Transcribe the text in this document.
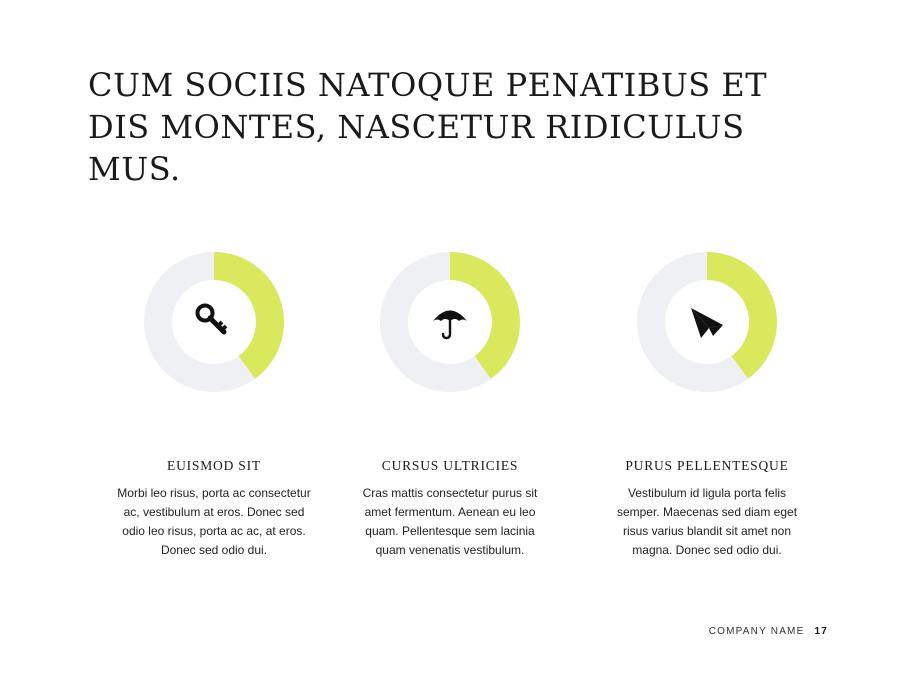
CUM SOCIIS NATOQUE PENATIBUS ET DIS MONTES, NASCETUR RIDICULUS MUS.
EUISMOD SIT
Morbi leo risus, porta ac consectetur ac, vestibulum at eros. Donec sed odio leo risus, porta ac ac, at eros. Donec sed odio dui.
CURSUS ULTRICIES
Cras mattis consectetur purus sit amet fermentum. Aenean eu leo quam. Pellentesque sem lacinia quam venenatis vestibulum.
PURUS PELLENTESQUE
Vestibulum id ligula porta felis semper. Maecenas sed diam eget risus varius blandit sit amet non magna. Donec sed odio dui.
COMPANY NAME 17
